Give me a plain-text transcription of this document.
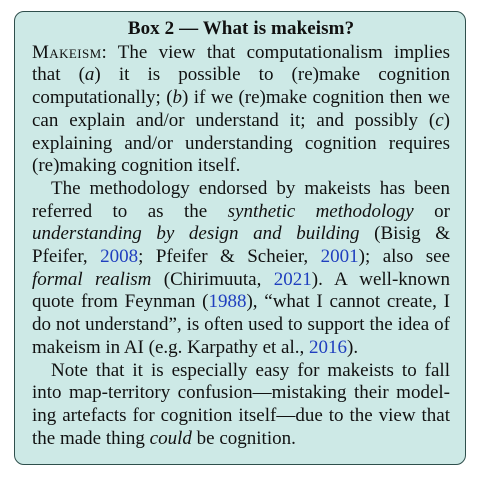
Box 2 — What is makeism?

Makeism: The view that computationalism implies that (a) it is possible to (re)make cognition computationally; (b) if we (re)make cognition then we can explain and/or understand it; and possibly (c) explaining and/or understanding cognition requires (re)making cognition itself.

The methodology endorsed by makeists has been referred to as the synthetic methodology or understanding by design and building (Bisig & Pfeifer, 2008; Pfeifer & Scheier, 2001); also see formal realism (Chirimuuta, 2021). A well-known quote from Feynman (1988), “what I cannot create, I do not understand”, is often used to support the idea of makeism in AI (e.g. Karpathy et al., 2016).

Note that it is especially easy for makeists to fall into map-territory confusion—mistaking their modeling artefacts for cognition itself—due to the view that the made thing could be cognition.
